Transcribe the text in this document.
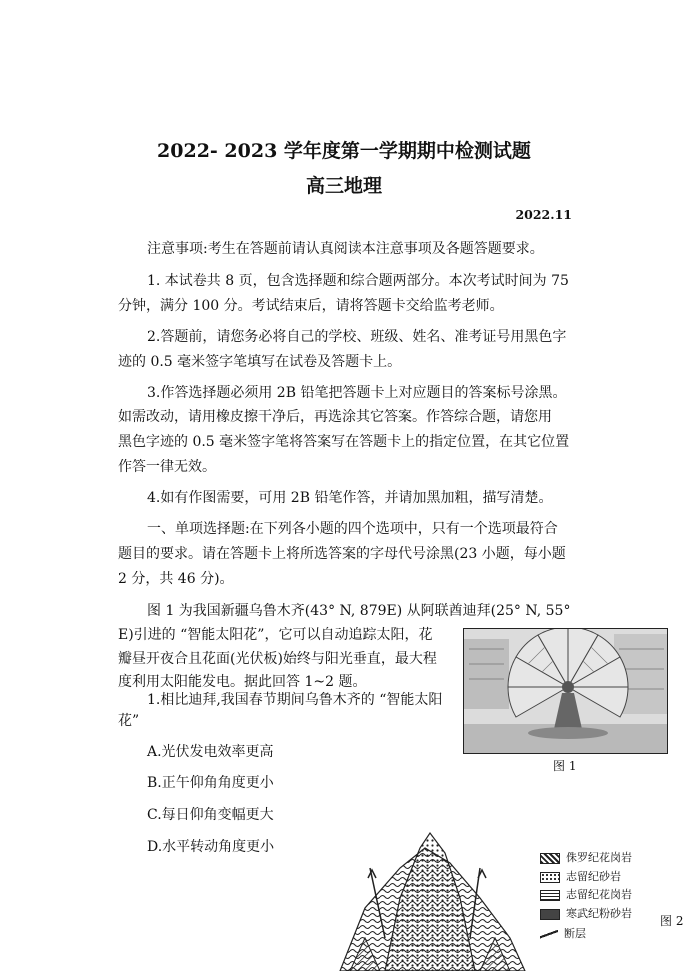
2022- 2023 学年度第一学期期中检测试题
高三地理
2022.11
注意事项:考生在答题前请认真阅读本注意事项及各题答题要求。
1. 本试卷共 8 页，包含选择题和综合题两部分。本次考试时间为 75
分钟，满分 100 分。考试结束后，请将答题卡交给监考老师。
2.答题前，请您务必将自己的学校、班级、姓名、准考证号用黑色字
迹的 0.5 毫米签字笔填写在试卷及答题卡上。
3.作答选择题必须用 2B 铅笔把答题卡上对应题目的答案标号涂黑。
如需改动，请用橡皮擦干净后，再选涂其它答案。作答综合题，请您用
黑色字迹的 0.5 毫米签字笔将答案写在答题卡上的指定位置，在其它位置
作答一律无效。
4.如有作图需要，可用 2B 铅笔作答，并请加黑加粗，描写清楚。
一、单项选择题:在下列各小题的四个选项中，只有一个选项最符合
题目的要求。请在答题卡上将所选答案的字母代号涂黑(23 小题，每小题
2 分，共 46 分)。
图 1 为我国新疆乌鲁木齐(43° N, 879E) 从阿联酋迪拜(25° N, 55°
E)引进的 “智能太阳花”，它可以自动追踪太阳，花
瓣昼开夜合且花面(光伏板)始终与阳光垂直，最大程
度利用太阳能发电。据此回答 1~2 题。
1.相比迪拜,我国春节期间乌鲁木齐的 “智能太阳
花”
A.光伏发电效率更高
B.正午仰角角度更小
C.每日仰角变幅更大
D.水平转动角度更小
图 1
侏罗纪花岗岩
志留纪砂岩
志留纪花岗岩
寒武纪粉砂岩
断层
图 2
